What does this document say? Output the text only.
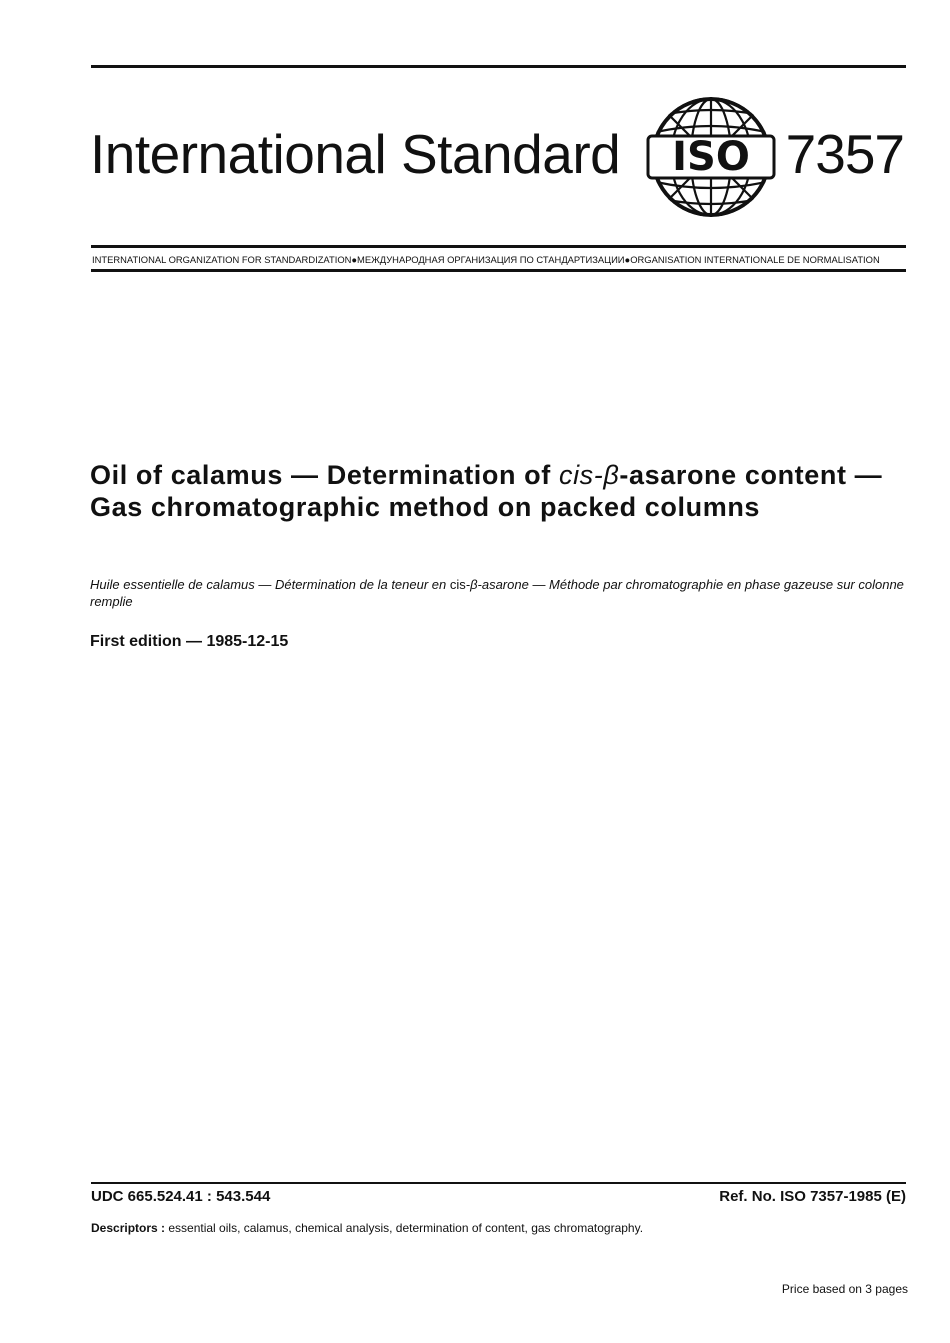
International Standard ISO 7357
INTERNATIONAL ORGANIZATION FOR STANDARDIZATION●МЕЖДУНАРОДНАЯ ОРГАНИЗАЦИЯ ПО СТАНДАРТИЗАЦИИ●ORGANISATION INTERNATIONALE DE NORMALISATION
Oil of calamus — Determination of cis-β-asarone content — Gas chromatographic method on packed columns
Huile essentielle de calamus — Détermination de la teneur en cis-β-asarone — Méthode par chromatographie en phase gazeuse sur colonne remplie
First edition — 1985-12-15
UDC 665.524.41 : 543.544	Ref. No. ISO 7357-1985 (E)
Descriptors : essential oils, calamus, chemical analysis, determination of content, gas chromatography.
Price based on 3 pages
